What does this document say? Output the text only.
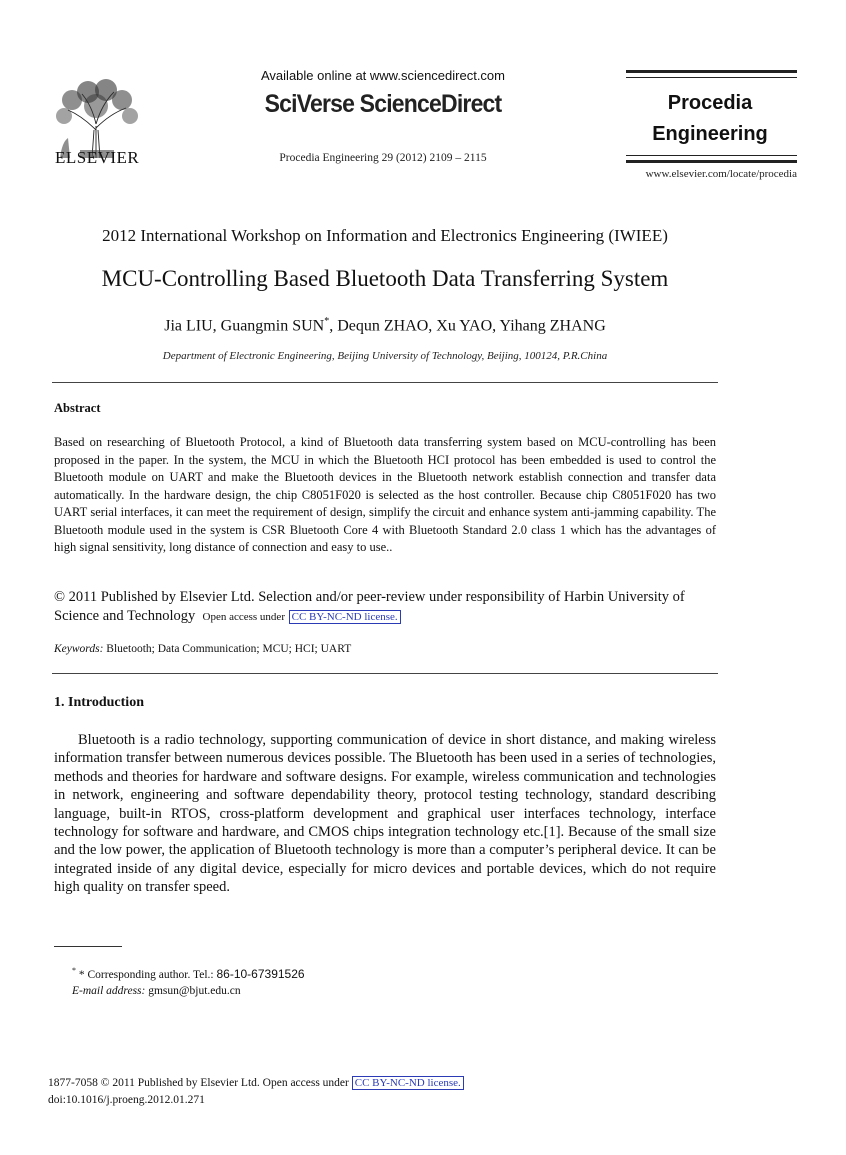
ELSEVIER
Available online at www.sciencedirect.com
SciVerse ScienceDirect
Procedia Engineering 29 (2012) 2109 – 2115
Procedia
Engineering
www.elsevier.com/locate/procedia
2012 International Workshop on Information and Electronics Engineering (IWIEE)
MCU-Controlling Based Bluetooth Data Transferring System
Jia LIU, Guangmin SUN*, Dequn ZHAO, Xu YAO, Yihang ZHANG
Department of Electronic Engineering, Beijing University of Technology, Beijing, 100124, P.R.China
Abstract
Based on researching of Bluetooth Protocol, a kind of Bluetooth data transferring system based on MCU-controlling has been proposed in the paper. In the system, the MCU in which the Bluetooth HCI protocol has been embedded is used to control the Bluetooth module on UART and make the Bluetooth devices in the Bluetooth network establish connection and transfer data automatically. In the hardware design, the chip C8051F020 is selected as the host controller. Because chip C8051F020 has two UART serial interfaces, it can meet the requirement of design, simplify the circuit and enhance system anti-jamming capability. The Bluetooth module used in the system is CSR Bluetooth Core 4 with Bluetooth Standard 2.0 class 1 which has the advantages of high signal sensitivity, long distance of connection and easy to use..
© 2011 Published by Elsevier Ltd. Selection and/or peer-review under responsibility of Harbin University of Science and Technology Open access under CC BY-NC-ND license.
Keywords: Bluetooth; Data Communication; MCU; HCI; UART
1. Introduction
Bluetooth is a radio technology, supporting communication of device in short distance, and making wireless information transfer between numerous devices possible. The Bluetooth has been used in a series of technologies, methods and theories for hardware and software designs. For example, wireless communication and technologies in network, engineering and software dependability theory, protocol testing technology, standard describing language, built-in RTOS, cross-platform development and graphical user interfaces technology, interface technology for software and hardware, and CMOS chips integration technology etc.[1]. Because of the small size and the low power, the application of Bluetooth technology is more than a computer’s peripheral device. It can be integrated inside of any digital device, especially for micro devices and portable devices, which do not require high quality on transfer speed.
* * Corresponding author. Tel.: 86-10-67391526
E-mail address: gmsun@bjut.edu.cn
1877-7058 © 2011 Published by Elsevier Ltd. Open access under CC BY-NC-ND license.
doi:10.1016/j.proeng.2012.01.271
